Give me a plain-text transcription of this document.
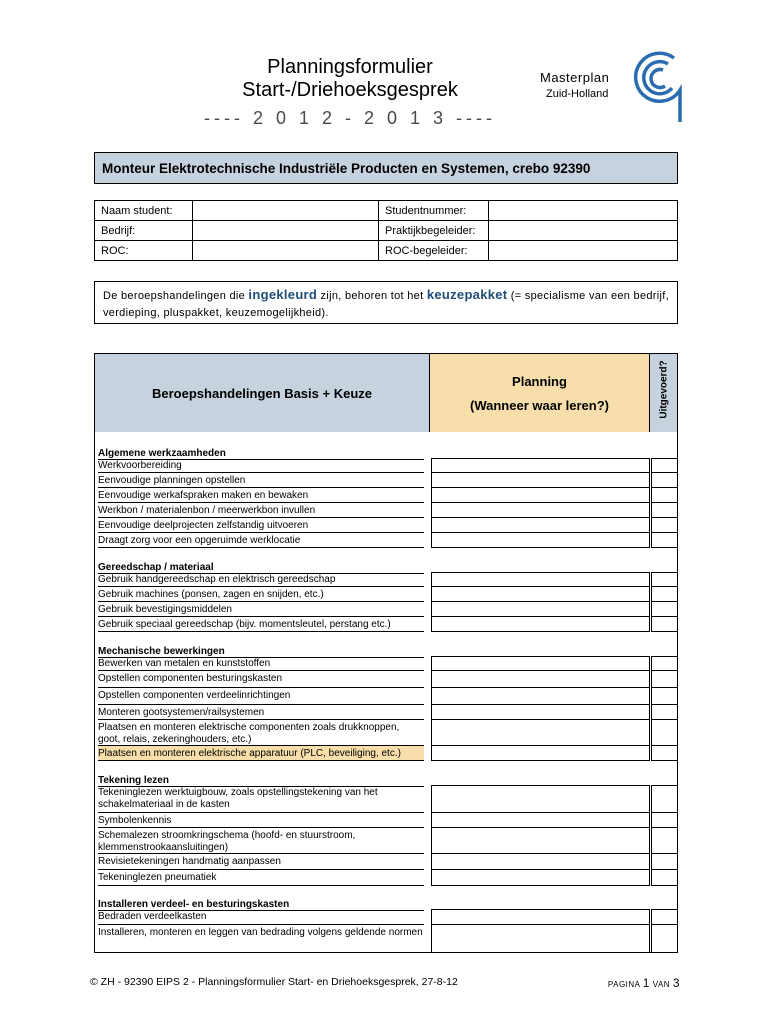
Planningsformulier
Start-/Driehoeksgesprek
---- 2 0 1 2 - 2 0 1 3 ----
Masterplan
Zuid-Holland
Monteur Elektrotechnische Industriële Producten en Systemen, crebo 92390
Naam student:		Studentnummer:	
Bedrijf:		Praktijkbegeleider:	
ROC:		ROC-begeleider:	
De beroepshandelingen die ingekleurd zijn, behoren tot het keuzepakket (= specialisme van een bedrijf, verdieping, pluspakket, keuzemogelijkheid).
Beroepshandelingen Basis + Keuze
Planning
(Wanneer waar leren?)	Uitgevoerd?
Algemene werkzaamheden
Werkvoorbereiding
Eenvoudige planningen opstellen
Eenvoudige werkafspraken maken en bewaken
Werkbon / materialenbon / meerwerkbon invullen
Eenvoudige deelprojecten zelfstandig uitvoeren
Draagt zorg voor een opgeruimde werklocatie
Gereedschap / materiaal
Gebruik handgereedschap en elektrisch gereedschap
Gebruik machines (ponsen, zagen en snijden, etc.)
Gebruik bevestigingsmiddelen
Gebruik speciaal gereedschap (bijv. momentsleutel, perstang etc.)
Mechanische bewerkingen
Bewerken van metalen en kunststoffen
Opstellen componenten besturingskasten
Opstellen componenten verdeelinrichtingen
Monteren gootsystemen/railsystemen
Plaatsen en monteren elektrische componenten zoals drukknoppen, goot, relais, zekeringhouders, etc.)
Plaatsen en monteren elektrische apparatuur (PLC, beveiliging, etc.)
Tekening lezen
Tekeninglezen werktuigbouw, zoals opstellingstekening van het schakelmateriaal in de kasten
Symbolenkennis
Schemalezen stroomkringschema (hoofd- en stuurstroom, klemmenstrookaansluitingen)
Revisietekeningen handmatig aanpassen
Tekeninglezen pneumatiek
Installeren verdeel- en besturingskasten
Bedraden verdeelkasten
Installeren, monteren en leggen van bedrading volgens geldende normen
© ZH - 92390 EIPS 2 - Planningsformulier Start- en Driehoeksgesprek, 27-8-12	PAGINA 1 VAN 3
